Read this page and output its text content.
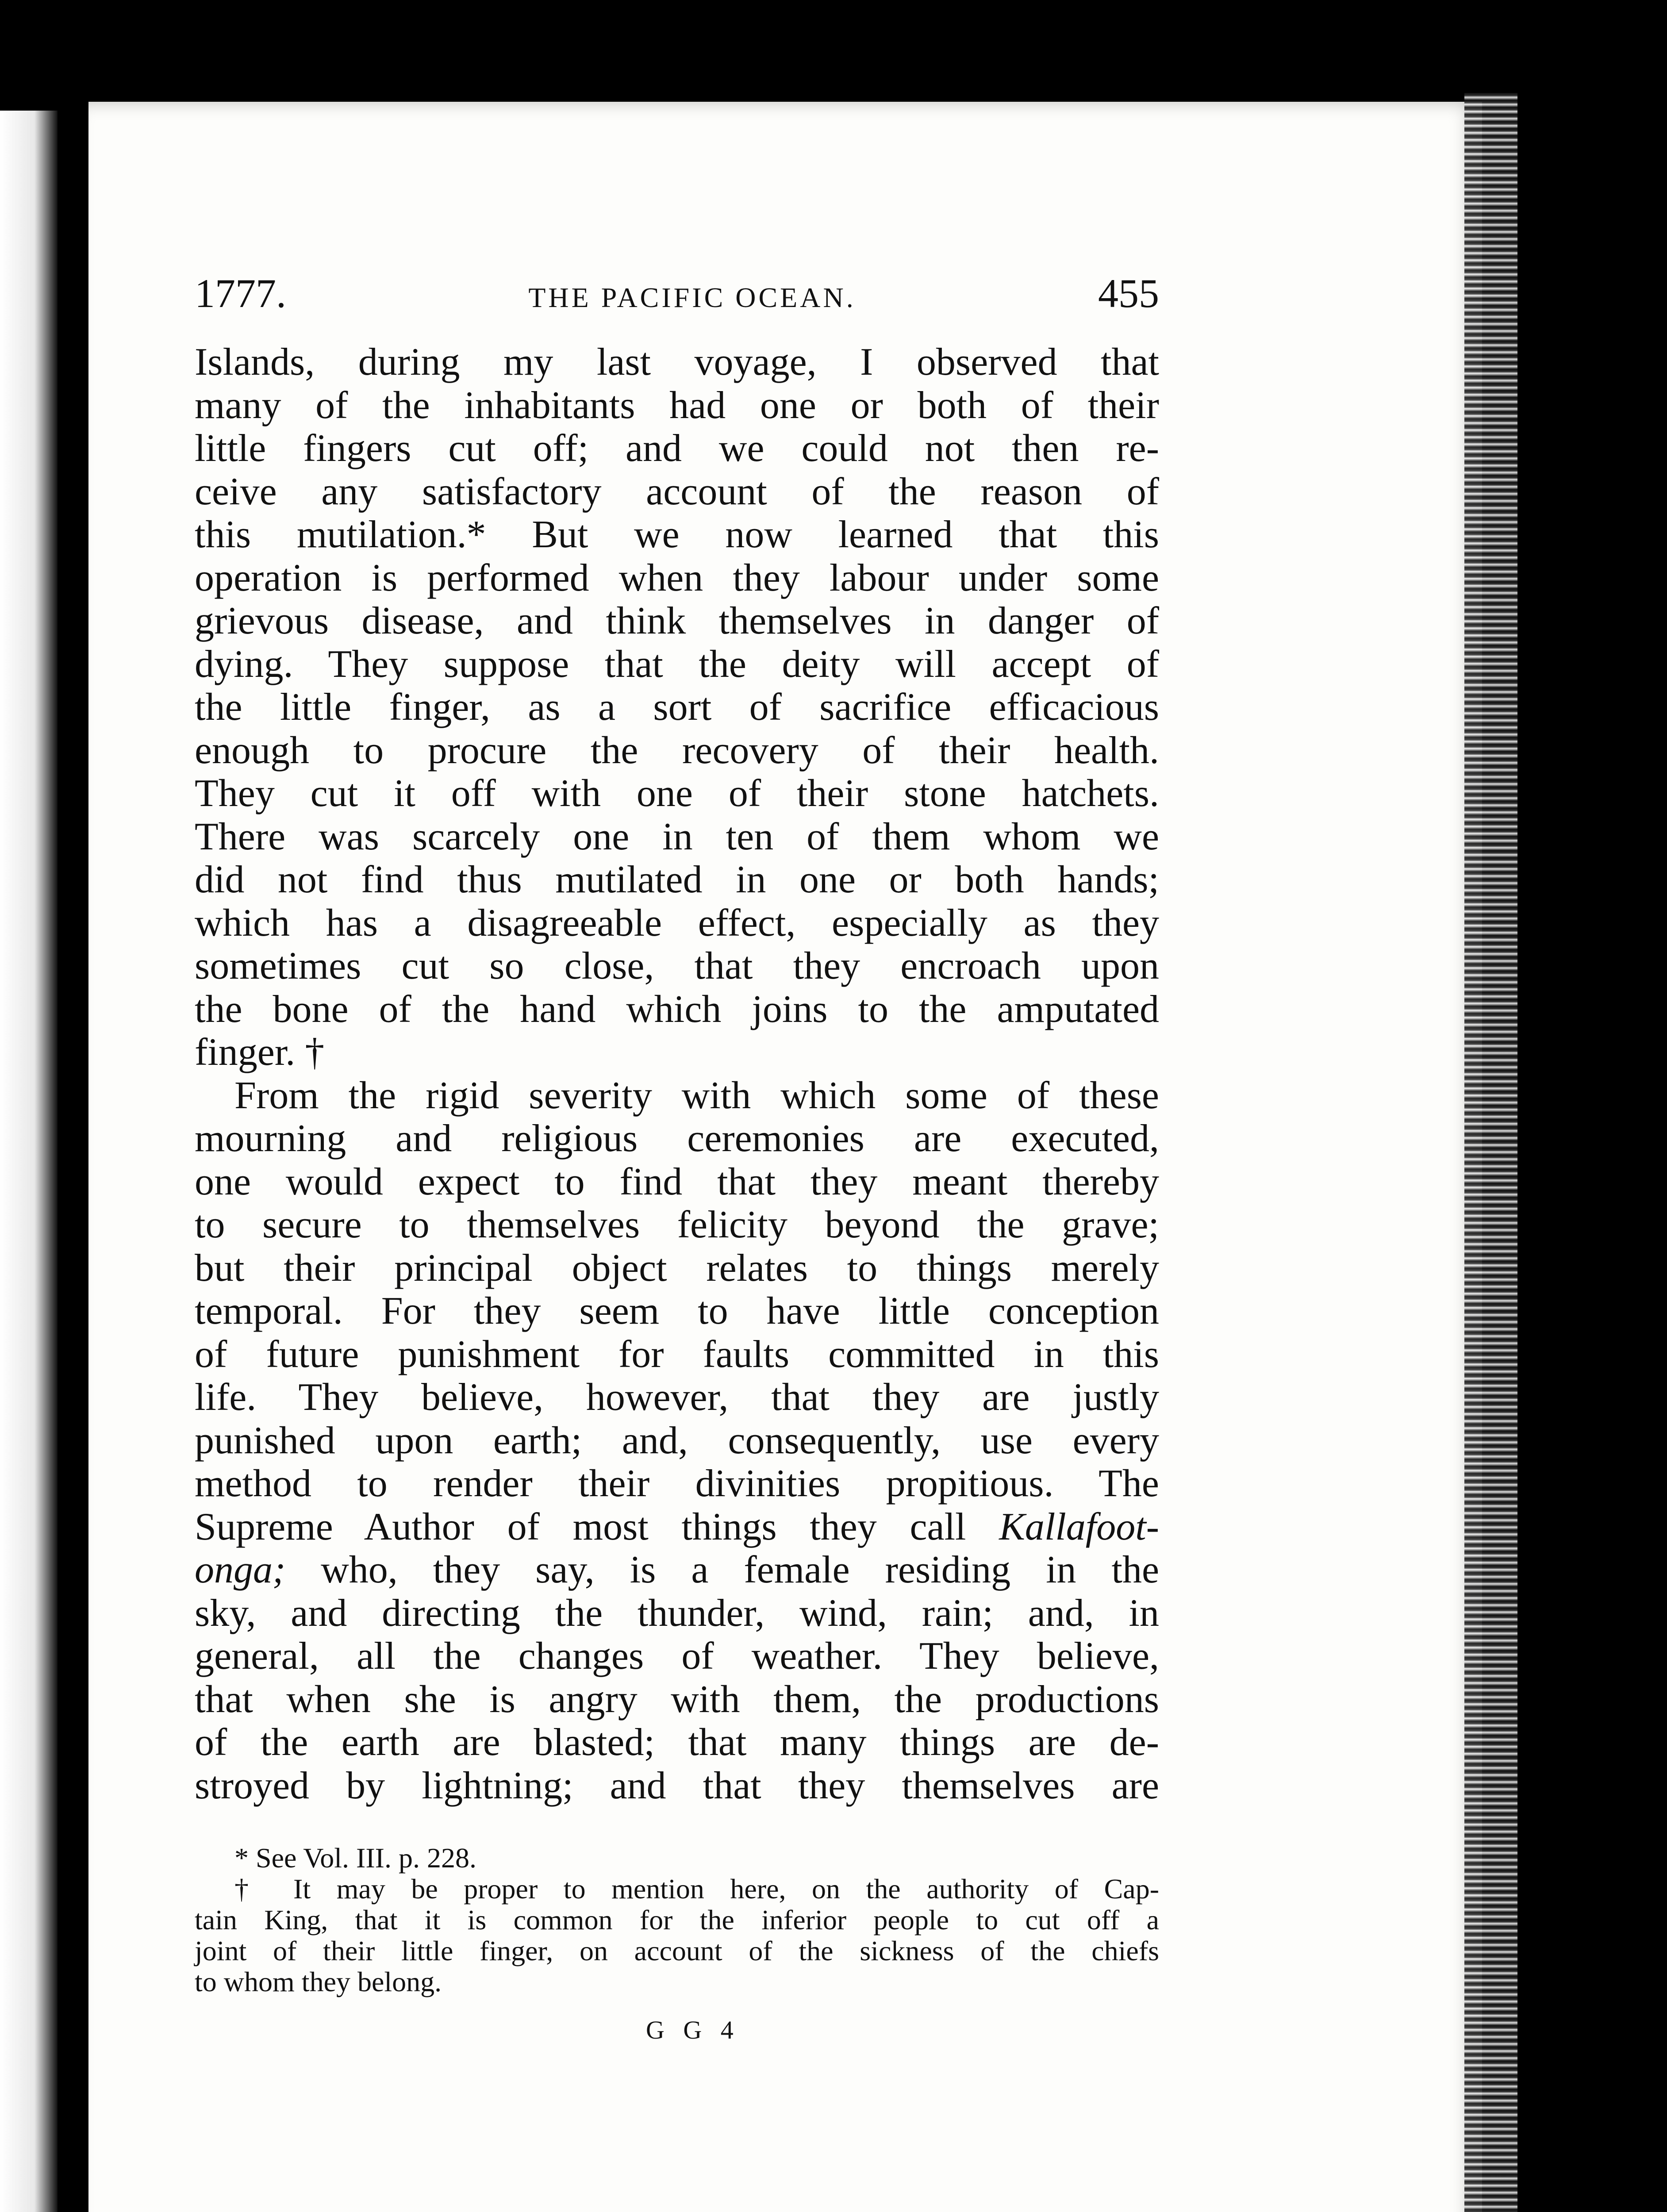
1777.	THE PACIFIC OCEAN.	455
Islands, during my last voyage, I observed that
many of the inhabitants had one or both of their
little fingers cut off; and we could not then re-
ceive any satisfactory account of the reason of
this mutilation.* But we now learned that this
operation is performed when they labour under some
grievous disease, and think themselves in danger of
dying. They suppose that the deity will accept of
the little finger, as a sort of sacrifice efficacious
enough to procure the recovery of their health.
They cut it off with one of their stone hatchets.
There was scarcely one in ten of them whom we
did not find thus mutilated in one or both hands;
which has a disagreeable effect, especially as they
sometimes cut so close, that they encroach upon
the bone of the hand which joins to the amputated
finger. †
From the rigid severity with which some of these
mourning and religious ceremonies are executed,
one would expect to find that they meant thereby
to secure to themselves felicity beyond the grave;
but their principal object relates to things merely
temporal. For they seem to have little conception
of future punishment for faults committed in this
life. They believe, however, that they are justly
punished upon earth; and, consequently, use every
method to render their divinities propitious. The
Supreme Author of most things they call Kallafoot-
onga; who, they say, is a female residing in the
sky, and directing the thunder, wind, rain; and, in
general, all the changes of weather. They believe,
that when she is angry with them, the productions
of the earth are blasted; that many things are de-
stroyed by lightning; and that they themselves are
* See Vol. III. p. 228.
† It may be proper to mention here, on the authority of Cap-
tain King, that it is common for the inferior people to cut off a
joint of their little finger, on account of the sickness of the chiefs
to whom they belong.
G G 4
